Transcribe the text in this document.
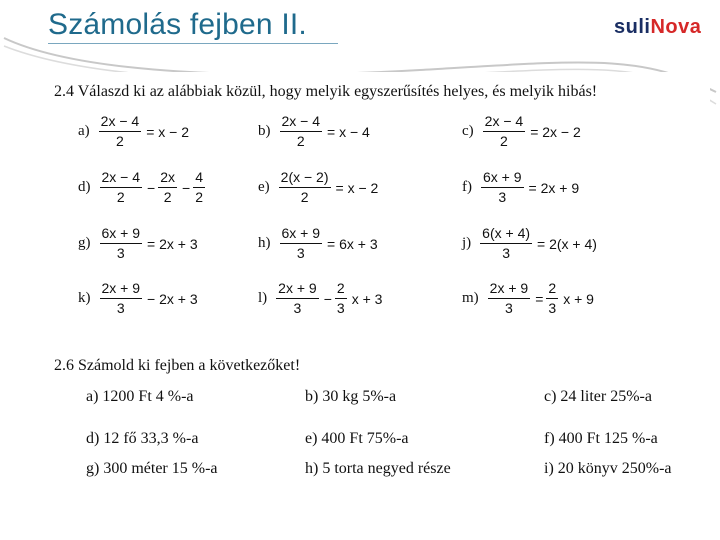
Számolás fejben II.	suliNova
2.4 Válaszd ki az alábbiak közül, hogy melyik egyszerűsítés helyes, és melyik hibás!
$a) \frac{2x - 4}{2} = x - 2$	$b) \frac{2x - 4}{2} = x - 4$	$c) \frac{2x - 4}{2} = 2x - 2$
$d) \frac{2x - 4}{2} - \frac{2x}{2} - \frac{4}{2}$	$e) \frac{2(x - 2)}{2} = x - 2$	$f) \frac{6x + 9}{3} = 2x + 9$
$g) \frac{6x + 9}{3} = 2x + 3$	$h) \frac{6x + 9}{3} = 6x + 3$	$j) \frac{6(x + 4)}{3} = 2(x + 4)$
$k) \frac{2x + 9}{3} - 2x + 3$	$l) \frac{2x + 9}{3} - \frac{2}{3}$ x + 3	$m) \frac{2x + 9}{3} = \frac{2}{3}$ x + 9
2.6 Számold ki fejben a következőket!
a) 1200 Ft 4 %-a	b) 30 kg 5%-a	c) 24 liter 25%-a
d) 12 fő 33,3 %-a	e) 400 Ft 75%-a	f) 400 Ft 125 %-a
g) 300 méter 15 %-a	h) 5 torta negyed része	i) 20 könyv 250%-a
